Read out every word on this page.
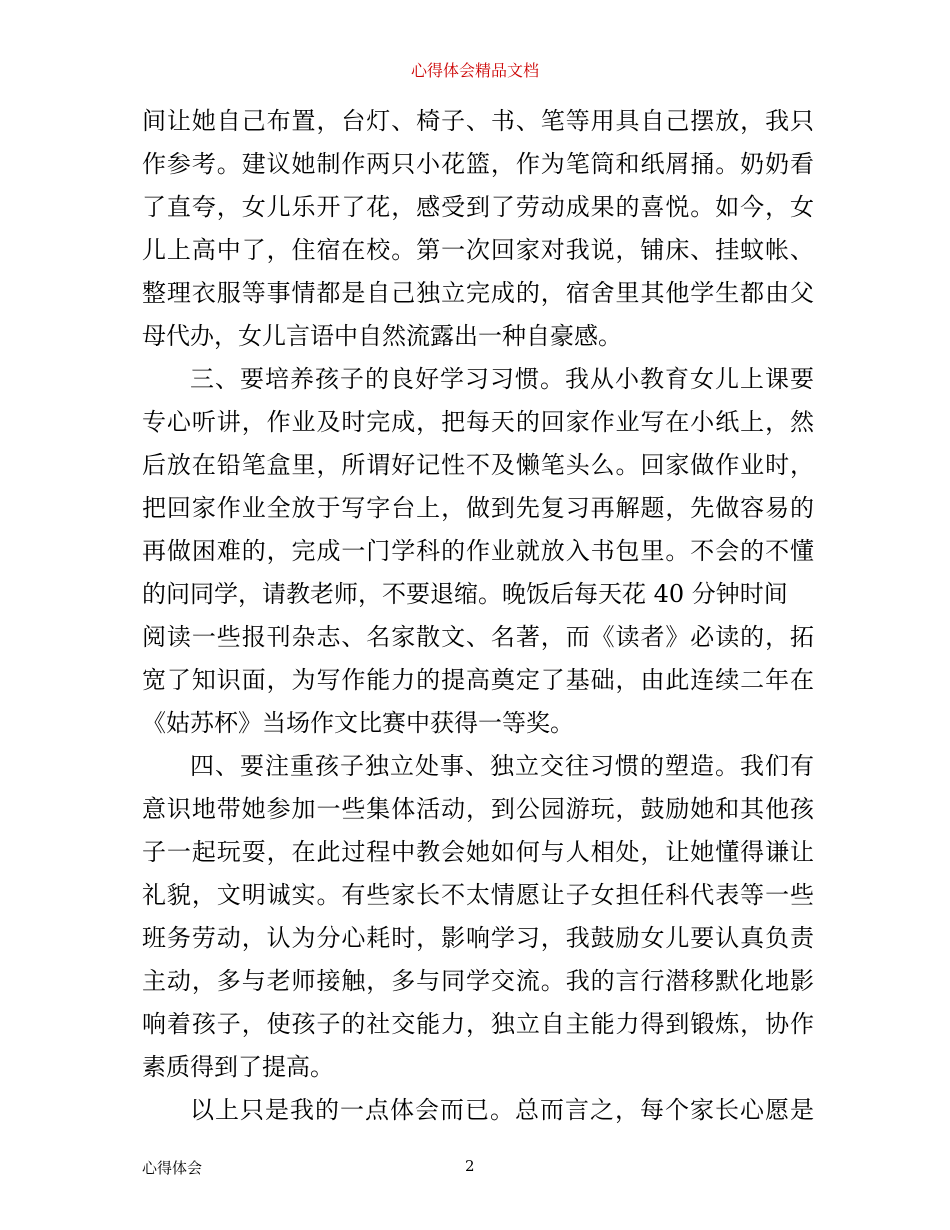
心得体会精品文档
间让她自己布置，台灯、椅子、书、笔等用具自己摆放，我只
作参考。建议她制作两只小花篮，作为笔筒和纸屑捅。奶奶看
了直夸，女儿乐开了花，感受到了劳动成果的喜悦。如今，女
儿上高中了，住宿在校。第一次回家对我说，铺床、挂蚊帐、
整理衣服等事情都是自己独立完成的，宿舍里其他学生都由父
母代办，女儿言语中自然流露出一种自豪感。
三、要培养孩子的良好学习习惯。我从小教育女儿上课要
专心听讲，作业及时完成，把每天的回家作业写在小纸上，然
后放在铅笔盒里，所谓好记性不及懒笔头么。回家做作业时，
把回家作业全放于写字台上，做到先复习再解题，先做容易的
再做困难的，完成一门学科的作业就放入书包里。不会的不懂
的问同学，请教老师，不要退缩。晚饭后每天花 40 分钟时间
阅读一些报刊杂志、名家散文、名著，而《读者》必读的，拓
宽了知识面，为写作能力的提高奠定了基础，由此连续二年在
《姑苏杯》当场作文比赛中获得一等奖。
四、要注重孩子独立处事、独立交往习惯的塑造。我们有
意识地带她参加一些集体活动，到公园游玩，鼓励她和其他孩
子一起玩耍，在此过程中教会她如何与人相处，让她懂得谦让
礼貌，文明诚实。有些家长不太情愿让子女担任科代表等一些
班务劳动，认为分心耗时，影响学习，我鼓励女儿要认真负责
主动，多与老师接触，多与同学交流。我的言行潜移默化地影
响着孩子，使孩子的社交能力，独立自主能力得到锻炼，协作
素质得到了提高。
以上只是我的一点体会而已。总而言之，每个家长心愿是
心得体会	2
